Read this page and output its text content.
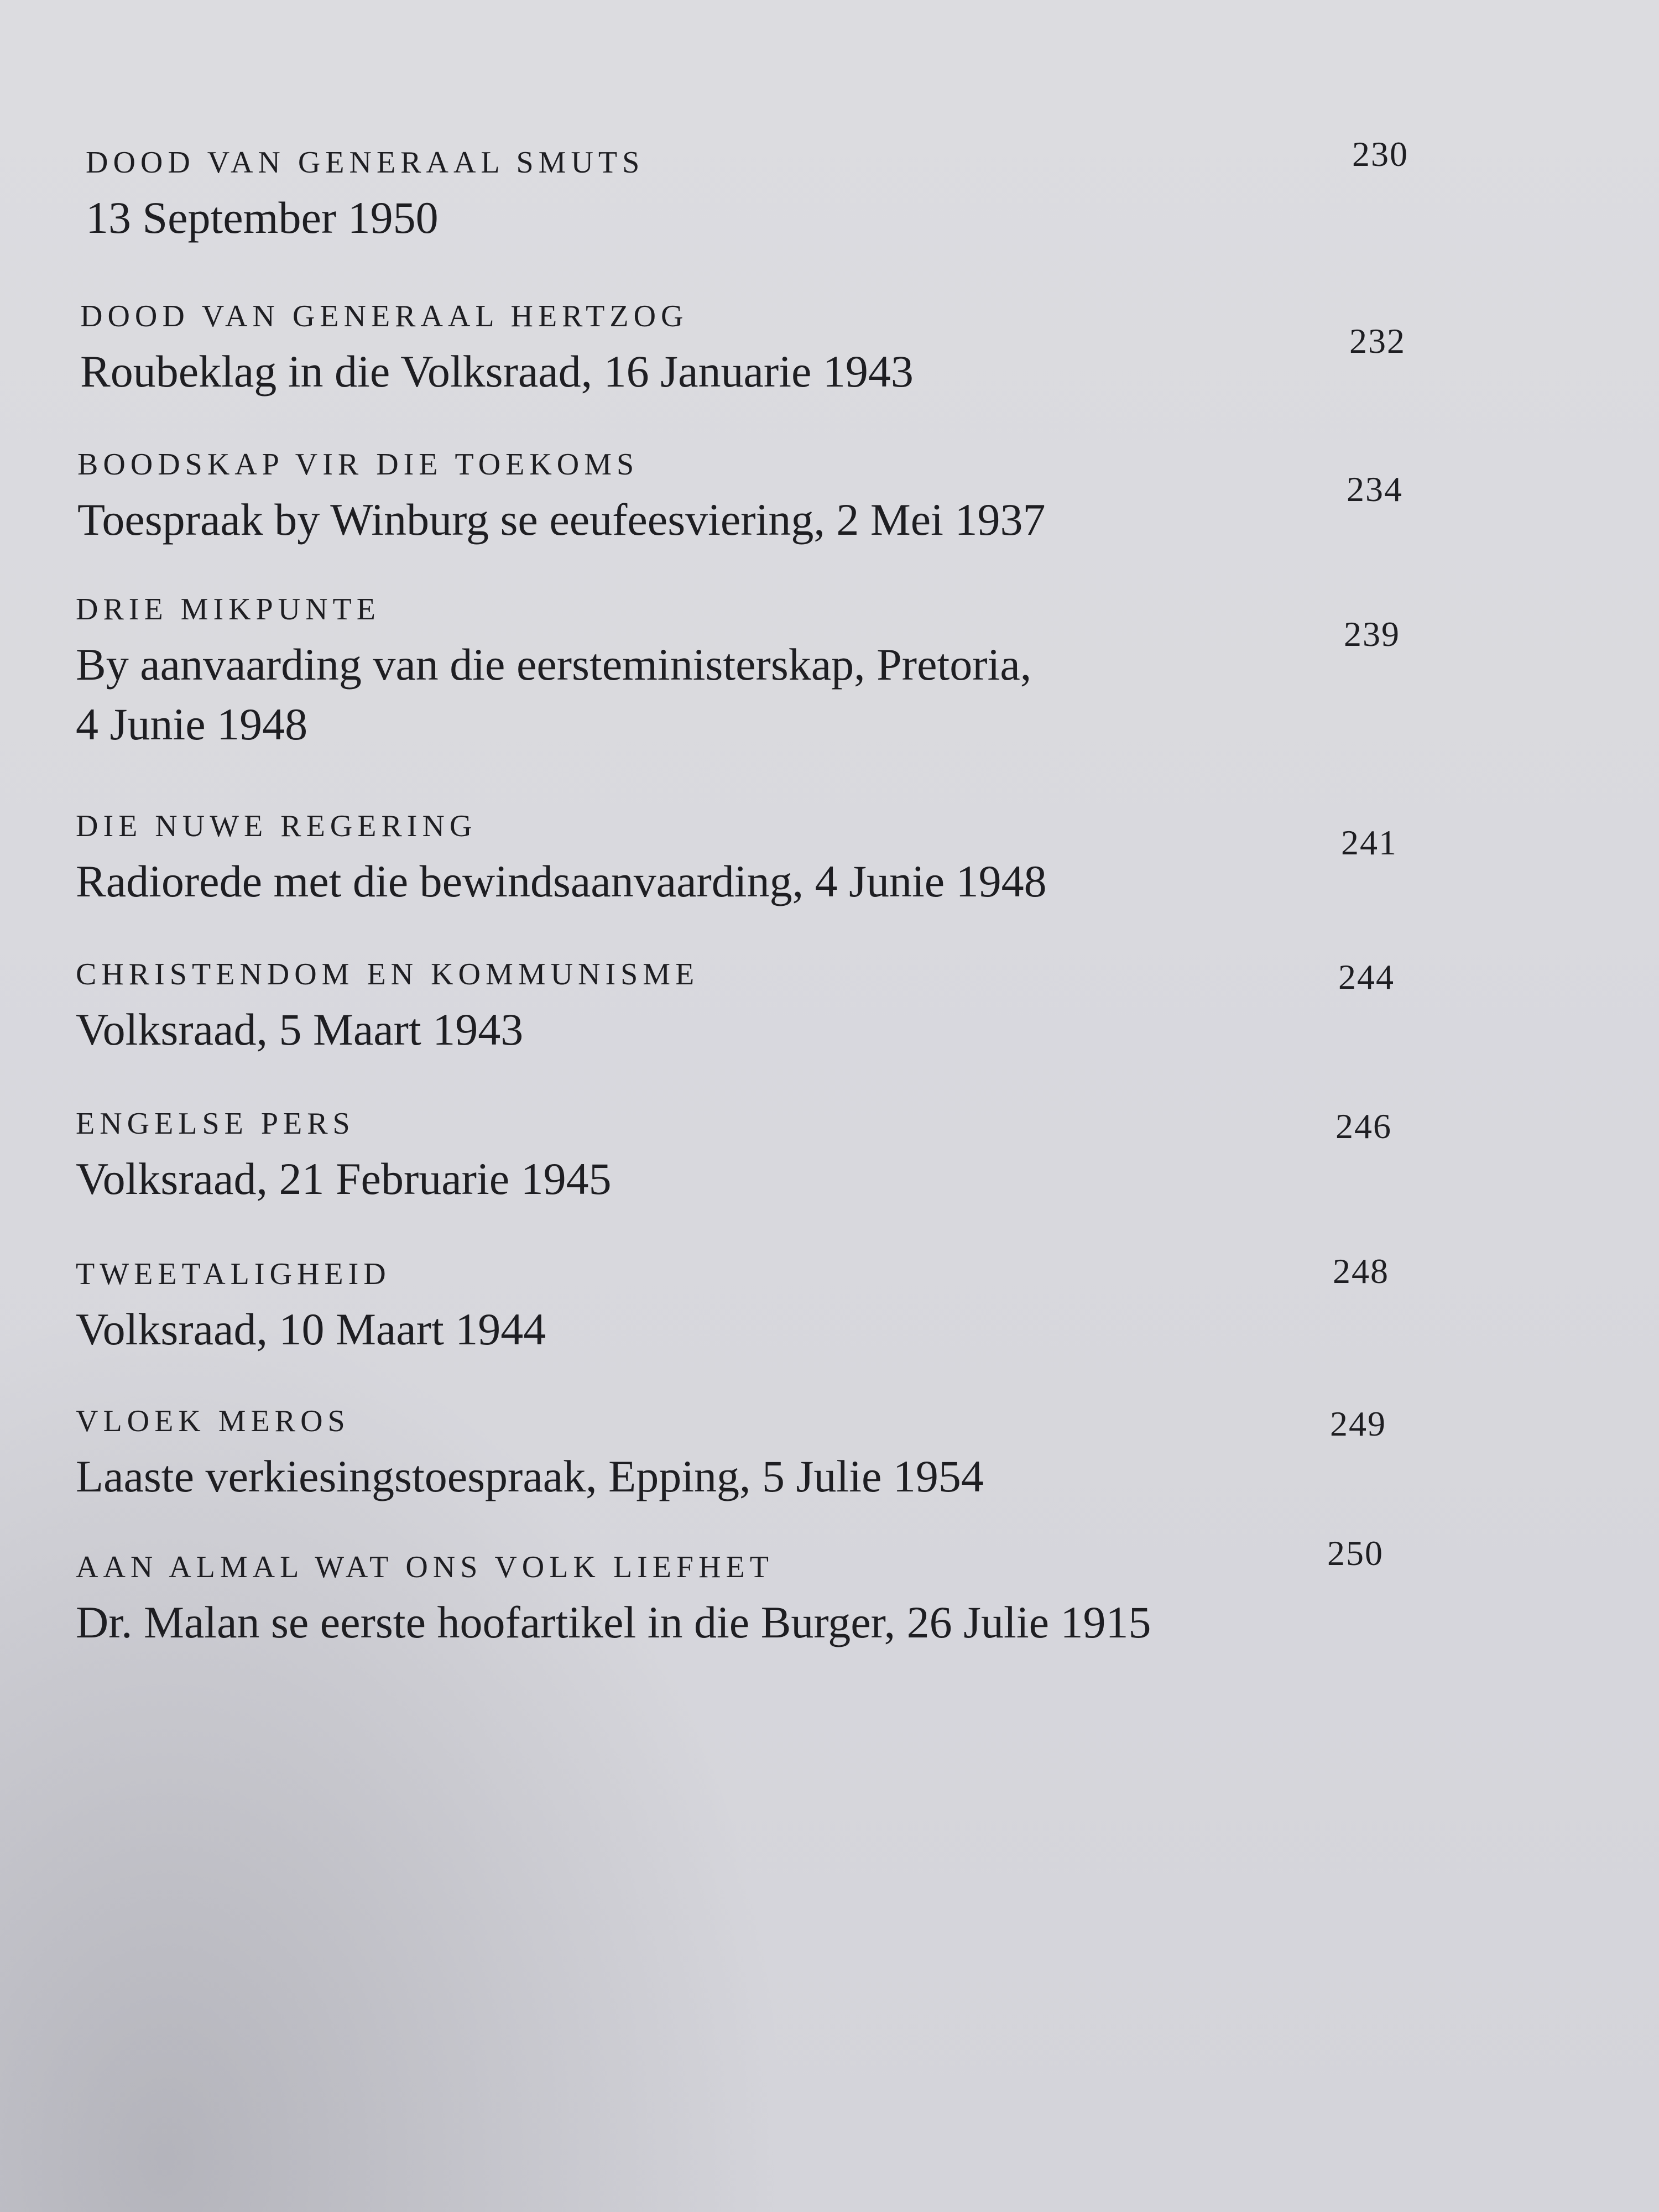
DOOD VAN GENERAAL SMUTS
13 September 1950
230
DOOD VAN GENERAAL HERTZOG
Roubeklag in die Volksraad, 16 Januarie 1943
232
BOODSKAP VIR DIE TOEKOMS
Toespraak by Winburg se eeufeesviering, 2 Mei 1937
234
DRIE MIKPUNTE
By aanvaarding van die eersteministerskap, Pretoria,
4 Junie 1948
239
DIE NUWE REGERING
Radiorede met die bewindsaanvaarding, 4 Junie 1948
241
CHRISTENDOM EN KOMMUNISME
Volksraad, 5 Maart 1943
244
ENGELSE PERS
Volksraad, 21 Februarie 1945
246
TWEETALIGHEID
Volksraad, 10 Maart 1944
248
VLOEK MEROS
Laaste verkiesingstoespraak, Epping, 5 Julie 1954
249
AAN ALMAL WAT ONS VOLK LIEFHET
Dr. Malan se eerste hoofartikel in die Burger, 26 Julie 1915
250
